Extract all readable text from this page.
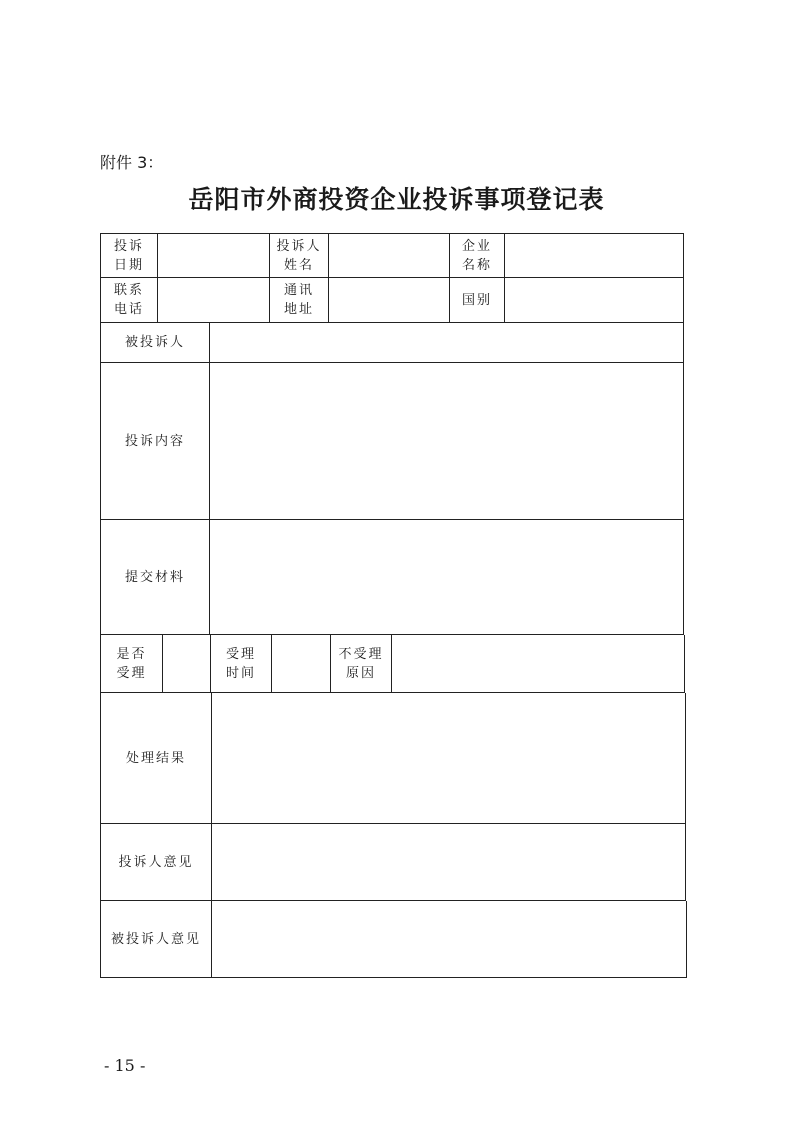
附件 3：
岳阳市外商投资企业投诉事项登记表
投诉
日期
投诉人
姓名
企业
名称
联系
电话
通讯
地址
国别
被投诉人
投诉内容
提交材料
是否
受理
受理
时间
不受理
原因
处理结果
投诉人意见
被投诉人意见
- 15 -
